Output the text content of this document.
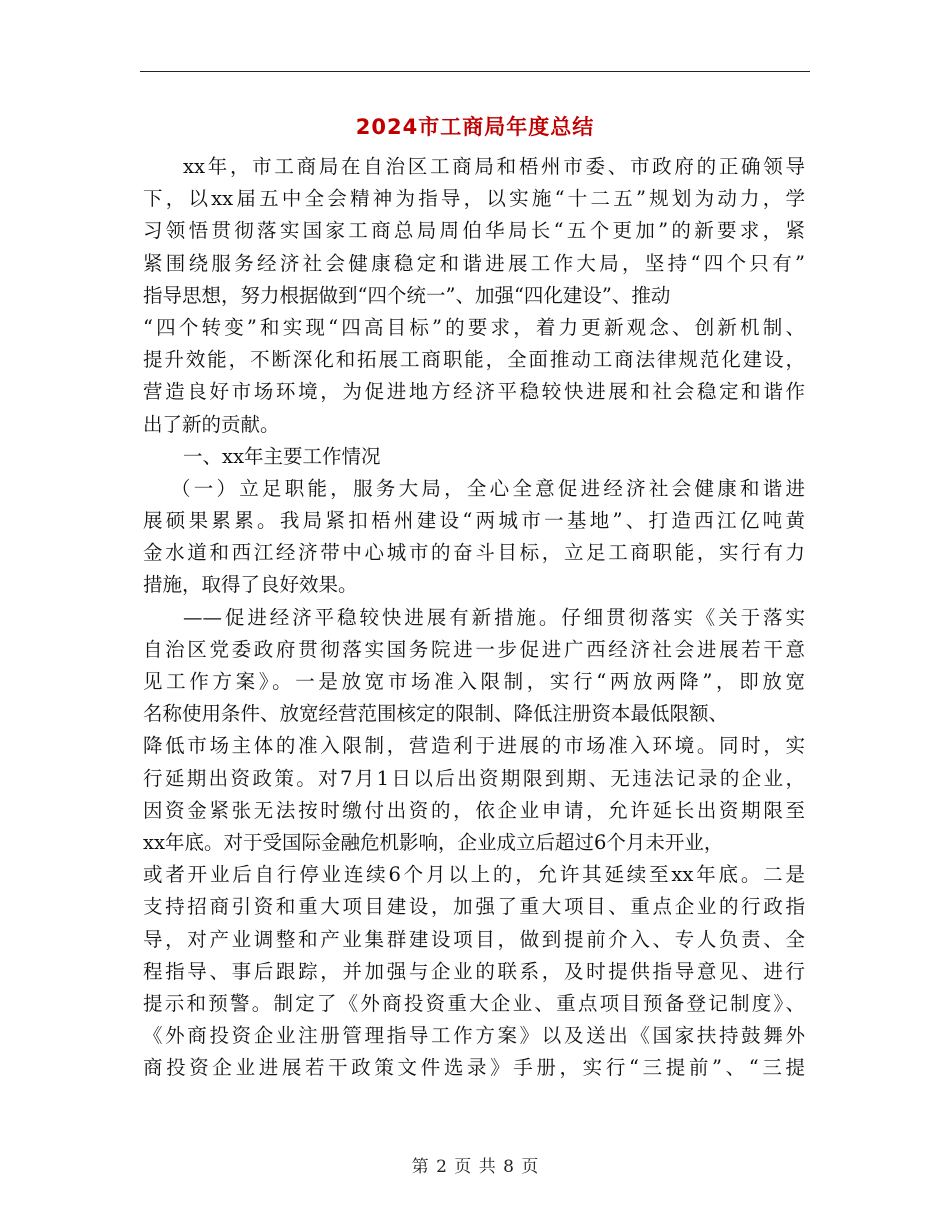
2024市工商局年度总结
xx年，市工商局在自治区工商局和梧州市委、市政府的正确领导
下，以xx届五中全会精神为指导，以实施“十二五”规划为动力，学
习领悟贯彻落实国家工商总局周伯华局长“五个更加”的新要求，紧
紧围绕服务经济社会健康稳定和谐进展工作大局，坚持“四个只有”
指导思想，努力根据做到“四个统一”、加强“四化建设”、推动
“四个转变”和实现“四高目标”的要求，着力更新观念、创新机制、
提升效能，不断深化和拓展工商职能，全面推动工商法律规范化建设，
营造良好市场环境，为促进地方经济平稳较快进展和社会稳定和谐作
出了新的贡献。
一、xx年主要工作情况
（一）立足职能，服务大局，全心全意促进经济社会健康和谐进
展硕果累累。我局紧扣梧州建设“两城市一基地”、打造西江亿吨黄
金水道和西江经济带中心城市的奋斗目标，立足工商职能，实行有力
措施，取得了良好效果。
——促进经济平稳较快进展有新措施。仔细贯彻落实《关于落实
自治区党委政府贯彻落实国务院进一步促进广西经济社会进展若干意
见工作方案》。一是放宽市场准入限制，实行“两放两降”，即放宽
名称使用条件、放宽经营范围核定的限制、降低注册资本最低限额、
降低市场主体的准入限制，营造利于进展的市场准入环境。同时，实
行延期出资政策。对7月1日以后出资期限到期、无违法记录的企业，
因资金紧张无法按时缴付出资的，依企业申请，允许延长出资期限至
xx年底。对于受国际金融危机影响，企业成立后超过6个月未开业，
或者开业后自行停业连续6个月以上的，允许其延续至xx年底。二是
支持招商引资和重大项目建设，加强了重大项目、重点企业的行政指
导，对产业调整和产业集群建设项目，做到提前介入、专人负责、全
程指导、事后跟踪，并加强与企业的联系，及时提供指导意见、进行
提示和预警。制定了《外商投资重大企业、重点项目预备登记制度》、
《外商投资企业注册管理指导工作方案》以及送出《国家扶持鼓舞外
商投资企业进展若干政策文件选录》手册，实行“三提前”、“三提
第 2 页 共 8 页
